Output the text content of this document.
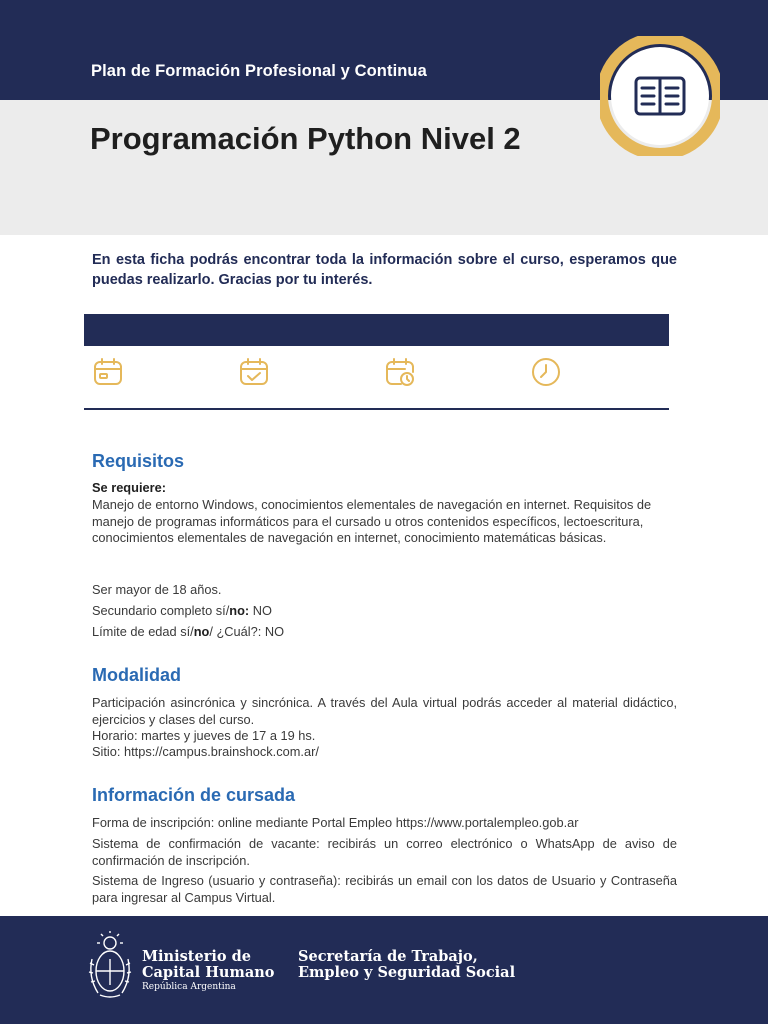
Plan de Formación Profesional y Continua
Programación Python Nivel 2
En esta ficha podrás encontrar toda la información sobre el curso, esperamos que puedas realizarlo. Gracias por tu interés.
Requisitos
Se requiere:
Manejo de entorno Windows, conocimientos elementales de navegación en internet. Requisitos de manejo de programas informáticos para el cursado u otros contenidos específicos, lectoescritura, conocimientos elementales de navegación en internet, conocimiento matemáticas básicas.
Ser mayor de 18 años.
Secundario completo sí/no: NO
Límite de edad sí/no/ ¿Cuál?: NO
Modalidad
Participación asincrónica y sincrónica. A través del Aula virtual podrás acceder al material didáctico, ejercicios y clases del curso.
Horario: martes y jueves de 17 a 19 hs.
Sitio: https://campus.brainshock.com.ar/
Información de cursada
Forma de inscripción: online mediante Portal Empleo https://www.portalempleo.gob.ar
Sistema de confirmación de vacante: recibirás un correo electrónico o WhatsApp de aviso de confirmación de inscripción.
Sistema de Ingreso (usuario y contraseña): recibirás un email con los datos de Usuario y Contraseña para ingresar al Campus Virtual.
Ministerio de
Capital Humano
República Argentina
Secretaría de Trabajo,
Empleo y Seguridad Social
